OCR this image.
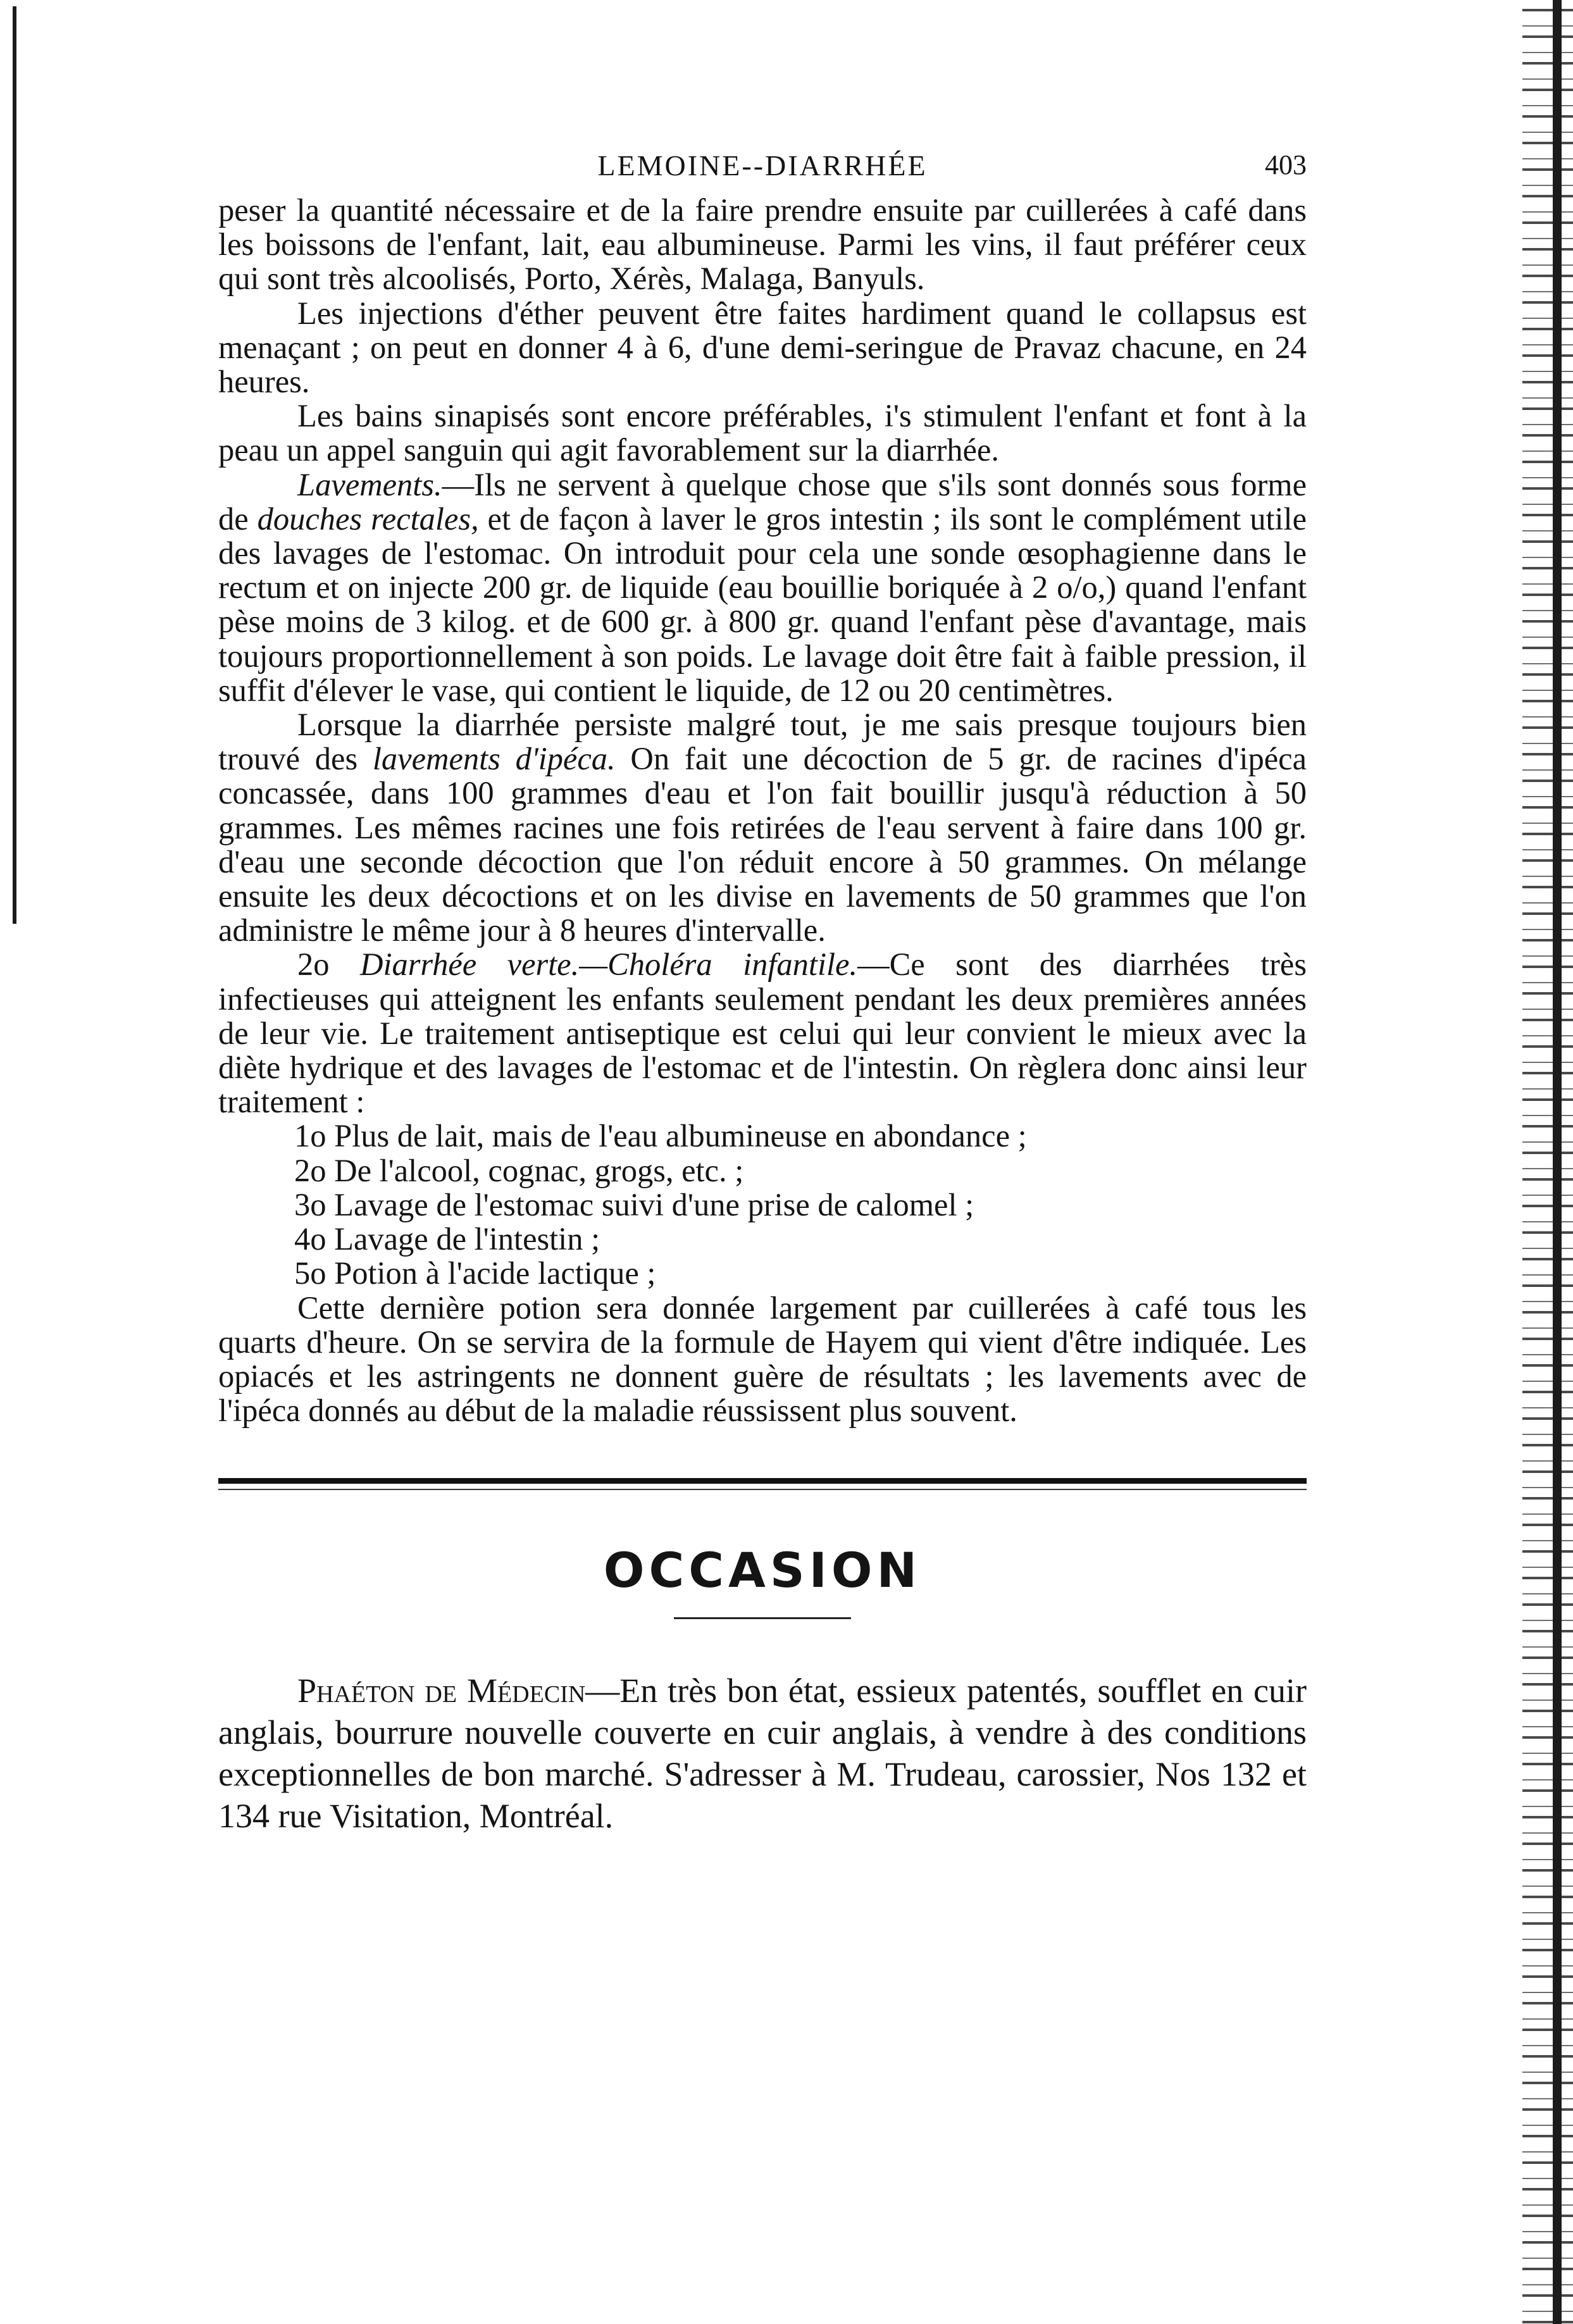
LEMOINE--DIARRHÉE	403

peser la quantité nécessaire et de la faire prendre ensuite par cuillerées à café dans les boissons de l'enfant, lait, eau albumineuse. Parmi les vins, il faut préférer ceux qui sont très alcoolisés, Porto, Xérès, Malaga, Banyuls.

Les injections d'éther peuvent être faites hardiment quand le collapsus est menaçant ; on peut en donner 4 à 6, d'une demi-seringue de Pravaz chacune, en 24 heures.

Les bains sinapisés sont encore préférables, i's stimulent l'enfant et font à la peau un appel sanguin qui agit favorablement sur la diarrhée.

Lavements.—Ils ne servent à quelque chose que s'ils sont donnés sous forme de douches rectales, et de façon à laver le gros intestin ; ils sont le complément utile des lavages de l'estomac. On introduit pour cela une sonde œsophagienne dans le rectum et on injecte 200 gr. de liquide (eau bouillie boriquée à 2 o/o,) quand l'enfant pèse moins de 3 kilog. et de 600 gr. à 800 gr. quand l'enfant pèse d'avantage, mais toujours proportionnellement à son poids. Le lavage doit être fait à faible pression, il suffit d'élever le vase, qui contient le liquide, de 12 ou 20 centimètres.

Lorsque la diarrhée persiste malgré tout, je me sais presque toujours bien trouvé des lavements d'ipéca. On fait une décoction de 5 gr. de racines d'ipéca concassée, dans 100 grammes d'eau et l'on fait bouillir jusqu'à réduction à 50 grammes. Les mêmes racines une fois retirées de l'eau servent à faire dans 100 gr. d'eau une seconde décoction que l'on réduit encore à 50 grammes. On mélange ensuite les deux décoctions et on les divise en lavements de 50 grammes que l'on administre le même jour à 8 heures d'intervalle.

2o Diarrhée verte.—Choléra infantile.—Ce sont des diarrhées très infectieuses qui atteignent les enfants seulement pendant les deux premières années de leur vie. Le traitement antiseptique est celui qui leur convient le mieux avec la diète hydrique et des lavages de l'estomac et de l'intestin. On règlera donc ainsi leur traitement :

1o Plus de lait, mais de l'eau albumineuse en abondance ;

2o De l'alcool, cognac, grogs, etc. ;

3o Lavage de l'estomac suivi d'une prise de calomel ;

4o Lavage de l'intestin ;

5o Potion à l'acide lactique ;

Cette dernière potion sera donnée largement par cuillerées à café tous les quarts d'heure. On se servira de la formule de Hayem qui vient d'être indiquée. Les opiacés et les astringents ne donnent guère de résultats ; les lavements avec de l'ipéca donnés au début de la maladie réussissent plus souvent.

OCCASION

Phaéton de Médecin—En très bon état, essieux patentés, soufflet en cuir anglais, bourrure nouvelle couverte en cuir anglais, à vendre à des conditions exceptionnelles de bon marché. S'adresser à M. Trudeau, carossier, Nos 132 et 134 rue Visitation, Montréal.
